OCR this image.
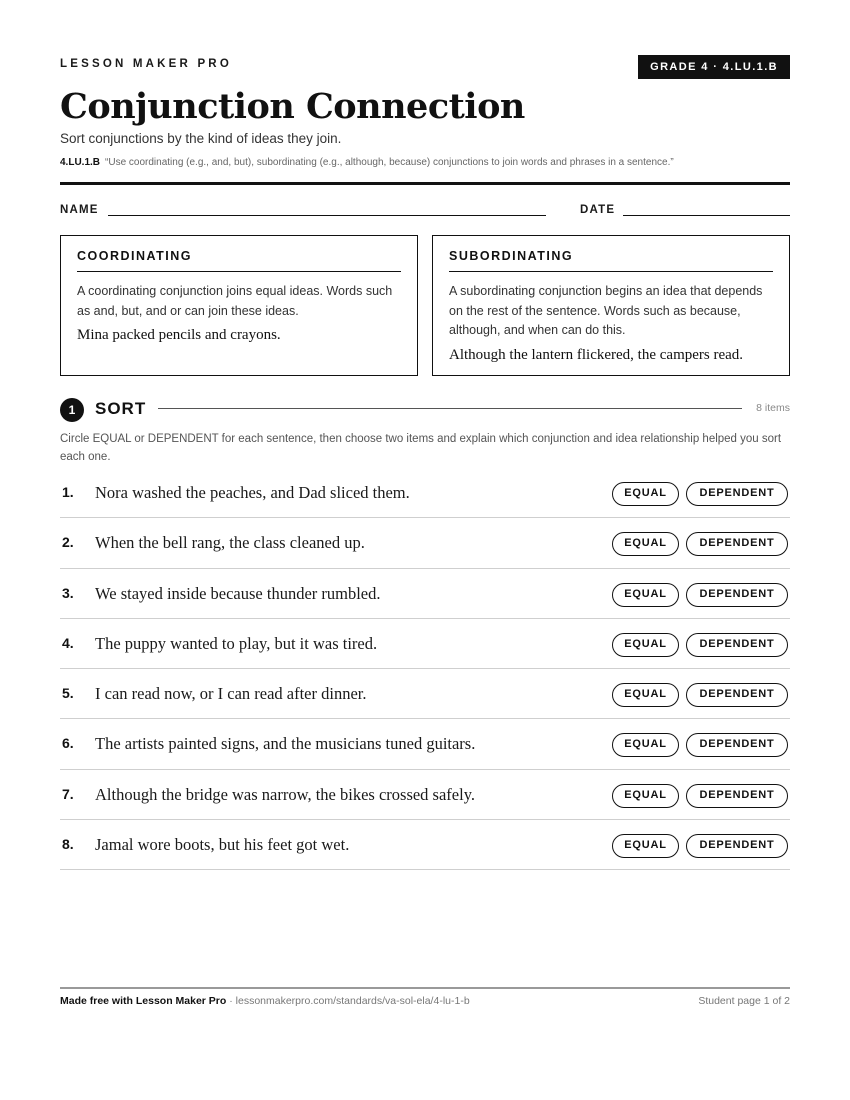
LESSON MAKER PRO	GRADE 4 · 4.LU.1.B
Conjunction Connection
Sort conjunctions by the kind of ideas they join.
4.LU.1.B “Use coordinating (e.g., and, but), subordinating (e.g., although, because) conjunctions to join words and phrases in a sentence.”
NAME	DATE
COORDINATING
A coordinating conjunction joins equal ideas. Words such as and, but, and or can join these ideas.
Mina packed pencils and crayons.
SUBORDINATING
A subordinating conjunction begins an idea that depends on the rest of the sentence. Words such as because, although, and when can do this.
Although the lantern flickered, the campers read.
1	SORT	8 items
Circle EQUAL or DEPENDENT for each sentence, then choose two items and explain which conjunction and idea relationship helped you sort each one.
1. Nora washed the peaches, and Dad sliced them.	EQUAL	DEPENDENT
2. When the bell rang, the class cleaned up.	EQUAL	DEPENDENT
3. We stayed inside because thunder rumbled.	EQUAL	DEPENDENT
4. The puppy wanted to play, but it was tired.	EQUAL	DEPENDENT
5. I can read now, or I can read after dinner.	EQUAL	DEPENDENT
6. The artists painted signs, and the musicians tuned guitars.	EQUAL	DEPENDENT
7. Although the bridge was narrow, the bikes crossed safely.	EQUAL	DEPENDENT
8. Jamal wore boots, but his feet got wet.	EQUAL	DEPENDENT
Made free with Lesson Maker Pro · lessonmakerpro.com/standards/va-sol-ela/4-lu-1-b	Student page 1 of 2
